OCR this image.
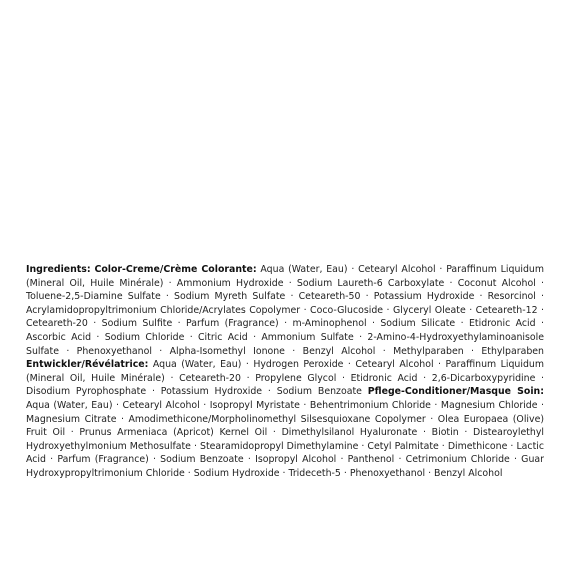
Ingredients: Color-Creme/Crème Colorante: Aqua (Water, Eau) · Cetearyl Alcohol · Paraffinum Liquidum (Mineral Oil, Huile Minérale) · Ammonium Hydroxide · Sodium Laureth-6 Carboxylate · Coconut Alcohol · Toluene-2,5-Diamine Sulfate · Sodium Myreth Sulfate · Ceteareth-50 · Potassium Hydroxide · Resorcinol · Acrylamidopropyltrimonium Chloride/Acrylates Copolymer · Coco-Glucoside · Glyceryl Oleate · Ceteareth-12 · Ceteareth-20 · Sodium Sulfite · Parfum (Fragrance) · m-Aminophenol · Sodium Silicate · Etidronic Acid · Ascorbic Acid · Sodium Chloride · Citric Acid · Ammonium Sulfate · 2-Amino-4-Hydroxyethylaminoanisole Sulfate · Phenoxyethanol · Alpha-Isomethyl Ionone · Benzyl Alcohol · Methylparaben · Ethylparaben Entwickler/Révélatrice: Aqua (Water, Eau) · Hydrogen Peroxide · Cetearyl Alcohol · Paraffinum Liquidum (Mineral Oil, Huile Minérale) · Ceteareth-20 · Propylene Glycol · Etidronic Acid · 2,6-Dicarboxypyridine · Disodium Pyrophosphate · Potassium Hydroxide · Sodium Benzoate Pflege-Conditioner/Masque Soin: Aqua (Water, Eau) · Cetearyl Alcohol · Isopropyl Myristate · Behentrimonium Chloride · Magnesium Chloride · Magnesium Citrate · Amodimethicone/Morpholinomethyl Silsesquioxane Copolymer · Olea Europaea (Olive) Fruit Oil · Prunus Armeniaca (Apricot) Kernel Oil · Dimethylsilanol Hyaluronate · Biotin · Distearoylethyl Hydroxyethylmonium Methosulfate · Stearamidopropyl Dimethylamine · Cetyl Palmitate · Dimethicone · Lactic Acid · Parfum (Fragrance) · Sodium Benzoate · Isopropyl Alcohol · Panthenol · Cetrimonium Chloride · Guar Hydroxypropyltrimonium Chloride · Sodium Hydroxide · Trideceth-5 · Phenoxyethanol · Benzyl Alcohol
